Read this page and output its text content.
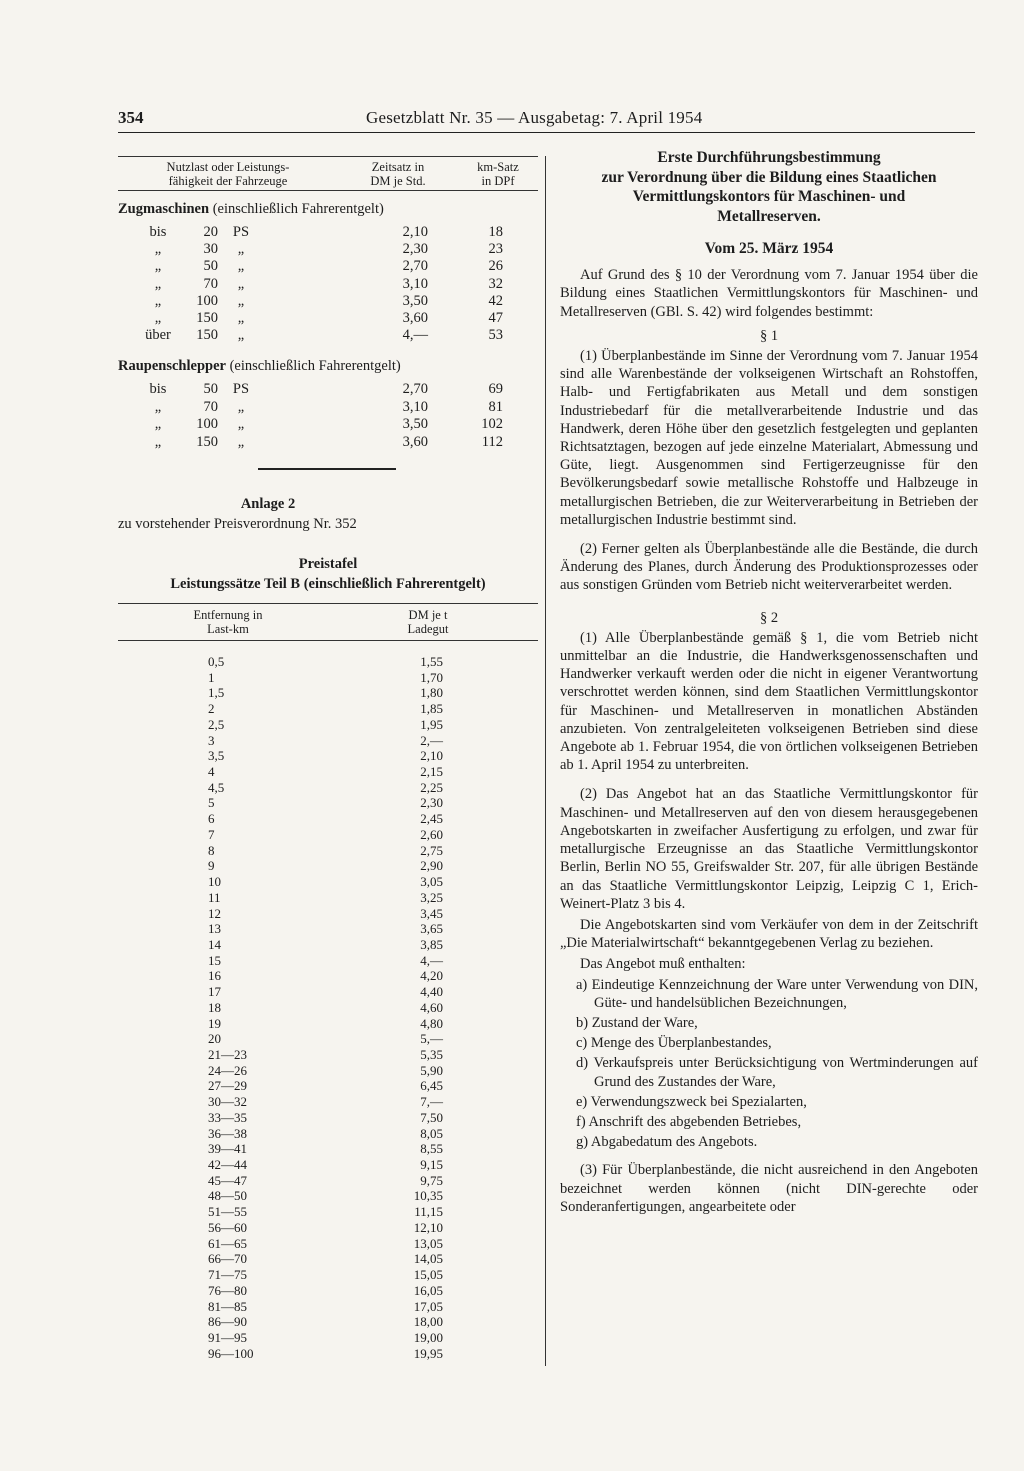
354	Gesetzblatt Nr. 35 — Ausgabetag: 7. April 1954
Nutzlast oder Leistungs-
fähigkeit der Fahrzeuge
Zeitsatz in
DM je Std.
km-Satz
in DPf
Zugmaschinen (einschließlich Fahrerentgelt)
bis	20	PS	2,10	18
„	30	„	2,30	23
„	50	„	2,70	26
„	70	„	3,10	32
„	100	„	3,50	42
„	150	„	3,60	47
über	150	„	4,—	53
Raupenschlepper (einschließlich Fahrerentgelt)
bis	50	PS	2,70	69
„	70	„	3,10	81
„	100	„	3,50	102
„	150	„	3,60	112
Anlage 2
zu vorstehender Preisverordnung Nr. 352
Preistafel
Leistungssätze Teil B (einschließlich Fahrerentgelt)
Entfernung in
Last-km
DM je t
Ladegut
0,5	1,55
1	1,70
1,5	1,80
2	1,85
2,5	1,95
3	2,—
3,5	2,10
4	2,15
4,5	2,25
5	2,30
6	2,45
7	2,60
8	2,75
9	2,90
10	3,05
11	3,25
12	3,45
13	3,65
14	3,85
15	4,—
16	4,20
17	4,40
18	4,60
19	4,80
20	5,—
21—23	5,35
24—26	5,90
27—29	6,45
30—32	7,—
33—35	7,50
36—38	8,05
39—41	8,55
42—44	9,15
45—47	9,75
48—50	10,35
51—55	11,15
56—60	12,10
61—65	13,05
66—70	14,05
71—75	15,05
76—80	16,05
81—85	17,05
86—90	18,00
91—95	19,00
96—100	19,95
Erste Durchführungsbestimmung
zur Verordnung über die Bildung eines Staatlichen
Vermittlungskontors für Maschinen- und
Metallreserven.

Vom 25. März 1954

Auf Grund des § 10 der Verordnung vom 7. Januar 1954 über die Bildung eines Staatlichen Vermittlungskontors für Maschinen- und Metallreserven (GBl. S. 42) wird folgendes bestimmt:

§ 1

(1) Überplanbestände im Sinne der Verordnung vom 7. Januar 1954 sind alle Warenbestände der volkseigenen Wirtschaft an Rohstoffen, Halb- und Fertigfabrikaten aus Metall und dem sonstigen Industriebedarf für die metallverarbeitende Industrie und das Handwerk, deren Höhe über den gesetzlich festgelegten und geplanten Richtsatztagen, bezogen auf jede einzelne Materialart, Abmessung und Güte, liegt. Ausgenommen sind Fertigerzeugnisse für den Bevölkerungsbedarf sowie metallische Rohstoffe und Halbzeuge in metallurgischen Betrieben, die zur Weiterverarbeitung in Betrieben der metallurgischen Industrie bestimmt sind.

(2) Ferner gelten als Überplanbestände alle die Bestände, die durch Änderung des Planes, durch Änderung des Produktionsprozesses oder aus sonstigen Gründen vom Betrieb nicht weiterverarbeitet werden.

§ 2

(1) Alle Überplanbestände gemäß § 1, die vom Betrieb nicht unmittelbar an die Industrie, die Handwerksgenossenschaften und Handwerker verkauft werden oder die nicht in eigener Verantwortung verschrottet werden können, sind dem Staatlichen Vermittlungskontor für Maschinen- und Metallreserven in monatlichen Abständen anzubieten. Von zentralgeleiteten volkseigenen Betrieben sind diese Angebote ab 1. Februar 1954, die von örtlichen volkseigenen Betrieben ab 1. April 1954 zu unterbreiten.

(2) Das Angebot hat an das Staatliche Vermittlungskontor für Maschinen- und Metallreserven auf den von diesem herausgegebenen Angebotskarten in zweifacher Ausfertigung zu erfolgen, und zwar für metallurgische Erzeugnisse an das Staatliche Vermittlungskontor Berlin, Berlin NO 55, Greifswalder Str. 207, für alle übrigen Bestände an das Staatliche Vermittlungskontor Leipzig, Leipzig C 1, Erich-Weinert-Platz 3 bis 4.

Die Angebotskarten sind vom Verkäufer von dem in der Zeitschrift „Die Materialwirtschaft“ bekanntgegebenen Verlag zu beziehen.

Das Angebot muß enthalten:

a) Eindeutige Kennzeichnung der Ware unter Verwendung von DIN, Güte- und handelsüblichen Bezeichnungen,

b) Zustand der Ware,

c) Menge des Überplanbestandes,

d) Verkaufspreis unter Berücksichtigung von Wertminderungen auf Grund des Zustandes der Ware,

e) Verwendungszweck bei Spezialarten,

f) Anschrift des abgebenden Betriebes,

g) Abgabedatum des Angebots.

(3) Für Überplanbestände, die nicht ausreichend in den Angeboten bezeichnet werden können (nicht DIN-gerechte oder Sonderanfertigungen, angearbeitete oder
